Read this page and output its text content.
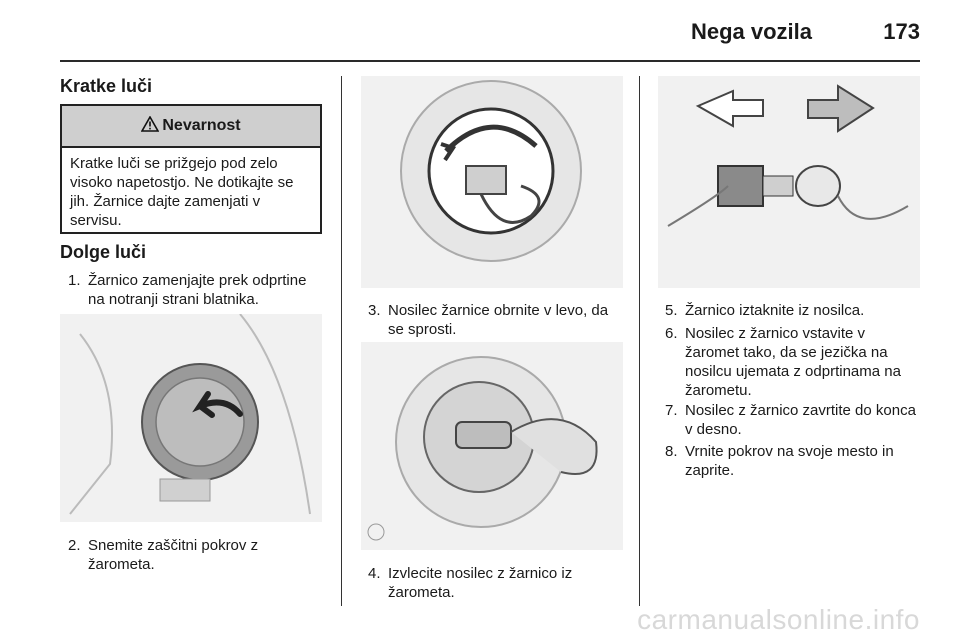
Nega vozila	173
Kratke luči
Nevarnost
Kratke luči se prižgejo pod zelo visoko napetostjo. Ne dotikajte se jih. Žarnice dajte zamenjati v servisu.
Dolge luči
1. Žarnico zamenjajte prek odprtine na notranji strani blatnika.
2. Snemite zaščitni pokrov z žarometa.
3. Nosilec žarnice obrnite v levo, da se sprosti.
4. Izvlecite nosilec z žarnico iz žarometa.
5. Žarnico iztaknite iz nosilca.
6. Nosilec z žarnico vstavite v žaromet tako, da se jezička na nosilcu ujemata z odprtinama na žarometu.
7. Nosilec z žarnico zavrtite do konca v desno.
8. Vrnite pokrov na svoje mesto in zaprite.
carmanualsonline.info
